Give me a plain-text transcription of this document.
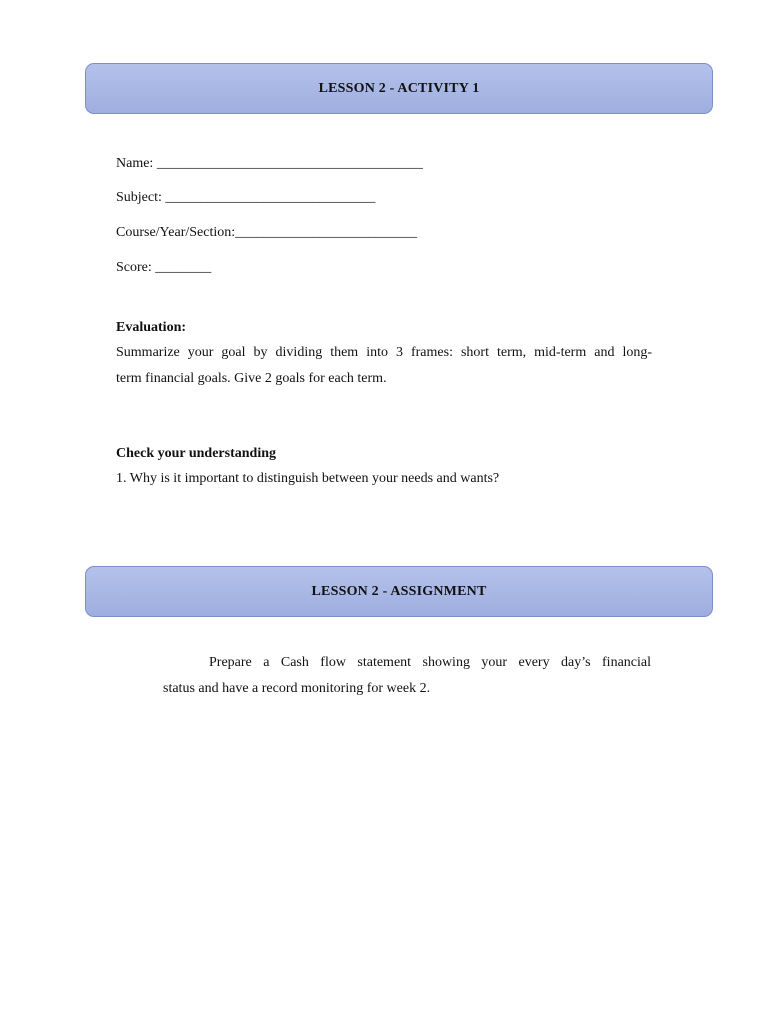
LESSON 2 - ACTIVITY 1
Name: ______________________________________
Subject: ______________________________
Course/Year/Section:__________________________
Score: ________
Evaluation:
Summarize your goal by dividing them into 3 frames: short term, mid-term and long-
term financial goals. Give 2 goals for each term.
Check your understanding
1. Why is it important to distinguish between your needs and wants?
LESSON 2 - ASSIGNMENT
Prepare a Cash flow statement showing your every day’s financial
status and have a record monitoring for week 2.
